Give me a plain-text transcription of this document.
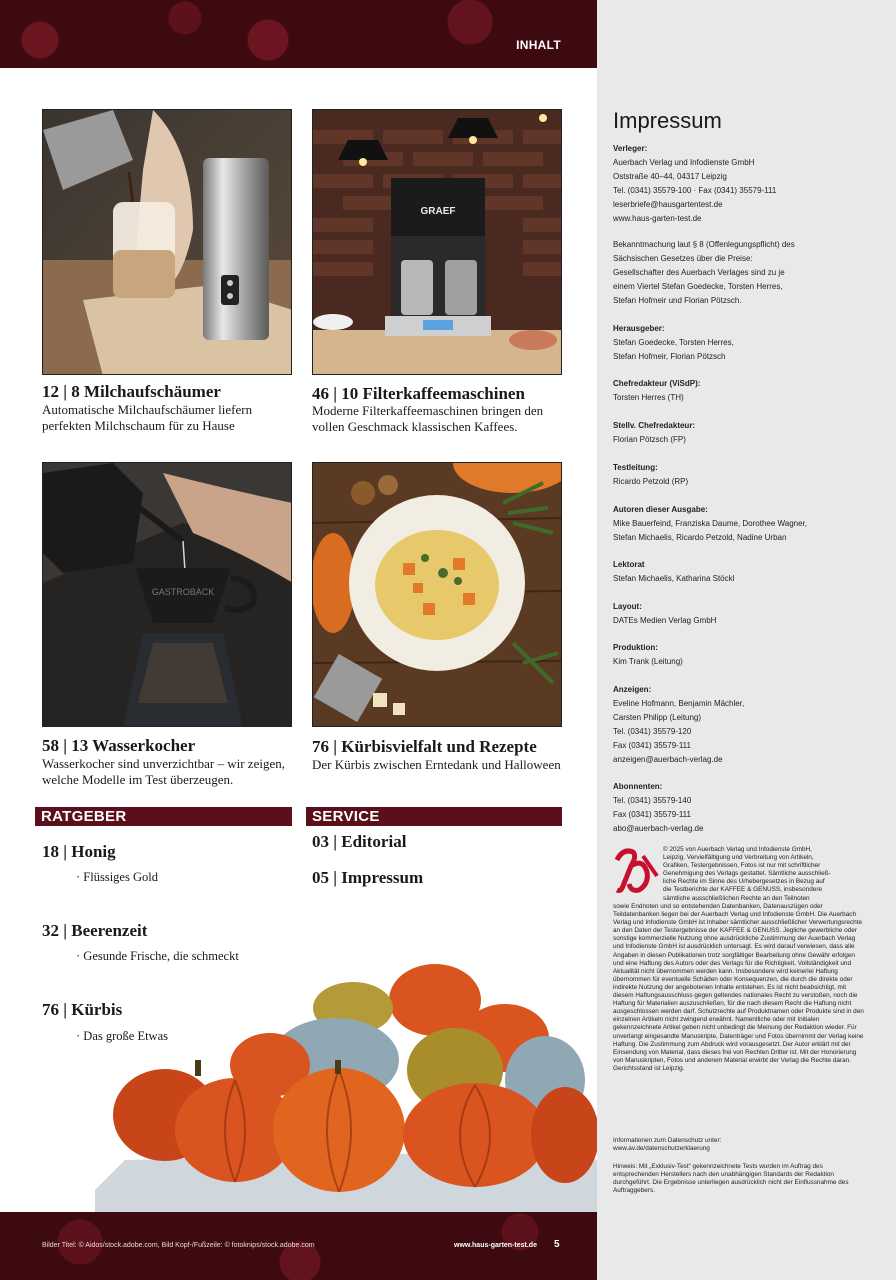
INHALT
12 | 8 Milchaufschäumer
Automatische Milchaufschäumer liefern perfekten Milchschaum für zu Hause
GRAEF
46 | 10 Filterkaffeemaschinen
Moderne Filterkaffeemaschinen bringen den vollen Geschmack klassischen Kaffees.
GASTROBACK
58 | 13 Wasserkocher
Wasserkocher sind unverzichtbar – wir zeigen, welche Modelle im Test überzeugen.
76 | Kürbisvielfalt und Rezepte
Der Kürbis zwischen Erntedank und Halloween
RATGEBER	SERVICE
18 | Honig
· Flüssiges Gold
32 | Beerenzeit
· Gesunde Frische, die schmeckt
76 | Kürbis
· Das große Etwas
03 | Editorial
05 | Impressum
Bilder Titel: © Aidos/stock.adobe.com, Bild Kopf-/Fußzeile: © fotoknips/stock.adobe.com	www.haus-garten-test.de 5
Impressum
Verleger:
Auerbach Verlag und Infodienste GmbH
Oststraße 40–44, 04317 Leipzig
Tel. (0341) 35579-100 · Fax (0341) 35579-111
leserbriefe@hausgartentest.de
www.haus-garten-test.de
Bekanntmachung laut § 8 (Offenlegungspflicht) des
Sächsischen Gesetzes über die Preise:
Gesellschafter des Auerbach Verlages sind zu je
einem Viertel Stefan Goedecke, Torsten Herres,
Stefan Hofmeir und Florian Pötzsch.
Herausgeber:
Stefan Goedecke, Torsten Herres,
Stefan Hofmeir, Florian Pötzsch
Chefredakteur (ViSdP):
Torsten Herres (TH)
Stellv. Chefredakteur:
Florian Pötzsch (FP)
Testleitung:
Ricardo Petzold (RP)
Autoren dieser Ausgabe:
Mike Bauerfeind, Franziska Daume, Dorothee Wagner,
Stefan Michaelis, Ricardo Petzold, Nadine Urban
Lektorat
Stefan Michaelis, Katharina Stöckl
Layout:
DATEs Medien Verlag GmbH
Produktion:
Kim Trank (Leitung)
Anzeigen:
Eveline Hofmann, Benjamin Mächler,
Carsten Philipp (Leitung)
Tel. (0341) 35579-120
Fax (0341) 35579-111
anzeigen@auerbach-verlag.de
Abonnenten:
Tel. (0341) 35579-140
Fax (0341) 35579-111
abo@auerbach-verlag.de
© 2025 von Auerbach Verlag und Infodienste GmbH,
Leipzig. Vervielfältigung und Verbreitung von Artikeln,
Grafiken, Testergebnissen, Fotos ist nur mit schriftlicher
Genehmigung des Verlags gestattet. Sämtliche ausschließ-
liche Rechte im Sinne des Urhebergesetzes in Bezug auf
die Testberichte der KAFFEE & GENUSS, insbesondere
sämtliche ausschließlichen Rechte an den Teilnoten
sowie Endnoten und so entstehenden Datenbanken, Datenauszügen oder Teildatenbanken liegen bei der Auerbach Verlag und Infodienste GmbH. Die Auerbach Verlag und Infodienste GmbH ist Inhaber sämtlicher ausschließlicher Verwertungsrechte an den Daten der Testergebnisse der KAFFEE & GENUSS. Jegliche gewerbliche oder sonstige kommerzielle Nutzung ohne ausdrückliche Zustimmung der Auerbach Verlag und Infodienste GmbH ist ausdrücklich untersagt. Es wird darauf verwiesen, dass alle Angaben in diesen Publikationen trotz sorgfältiger Bearbeitung ohne Gewähr erfolgen und eine Haftung des Autors oder des Verlags für die Richtigkeit, Vollständigkeit und Aktualität nicht übernommen werden kann. Insbesondere wird keinerlei Haftung übernommen für eventuelle Schäden oder Konsequenzen, die durch die direkte oder indirekte Nutzung der angebotenen Inhalte entstehen. Es ist nicht beabsichtigt, mit diesem Haftungsausschluss gegen geltendes nationales Recht zu verstoßen, noch die Haftung für Materialien auszuschließen, für die nach diesem Recht die Haftung nicht ausgeschlossen werden darf. Schutzrechte auf Produktnamen oder Produkte sind in den einzelnen Artikeln nicht zwingend erwähnt. Namentliche oder mit Initialen gekennzeichnete Artikel geben nicht unbedingt die Meinung der Redaktion wieder. Für unverlangt eingesandte Manuskripte, Datenträger und Fotos übernimmt der Verlag keine Haftung. Die Zustimmung zum Abdruck wird vorausgesetzt. Der Autor erklärt mit der Einsendung von Material, dass dieses frei von Rechten Dritter ist. Mit der Honorierung von Manuskripten, Fotos und anderem Material erwirbt der Verlag die Rechte daran. Gerichtsstand ist Leipzig.
Informationen zum Datenschutz unter:
www.av.de/datenschutzerklaerung
Hinweis: Mit „Exklusiv-Test“ gekennzeichnete Tests wurden im Auftrag des entsprechenden Herstellers nach den unabhängigen Standards der Redaktion durchgeführt. Die Ergebnisse unterliegen ausdrücklich nicht der Einflussnahme des Auftraggebers.
